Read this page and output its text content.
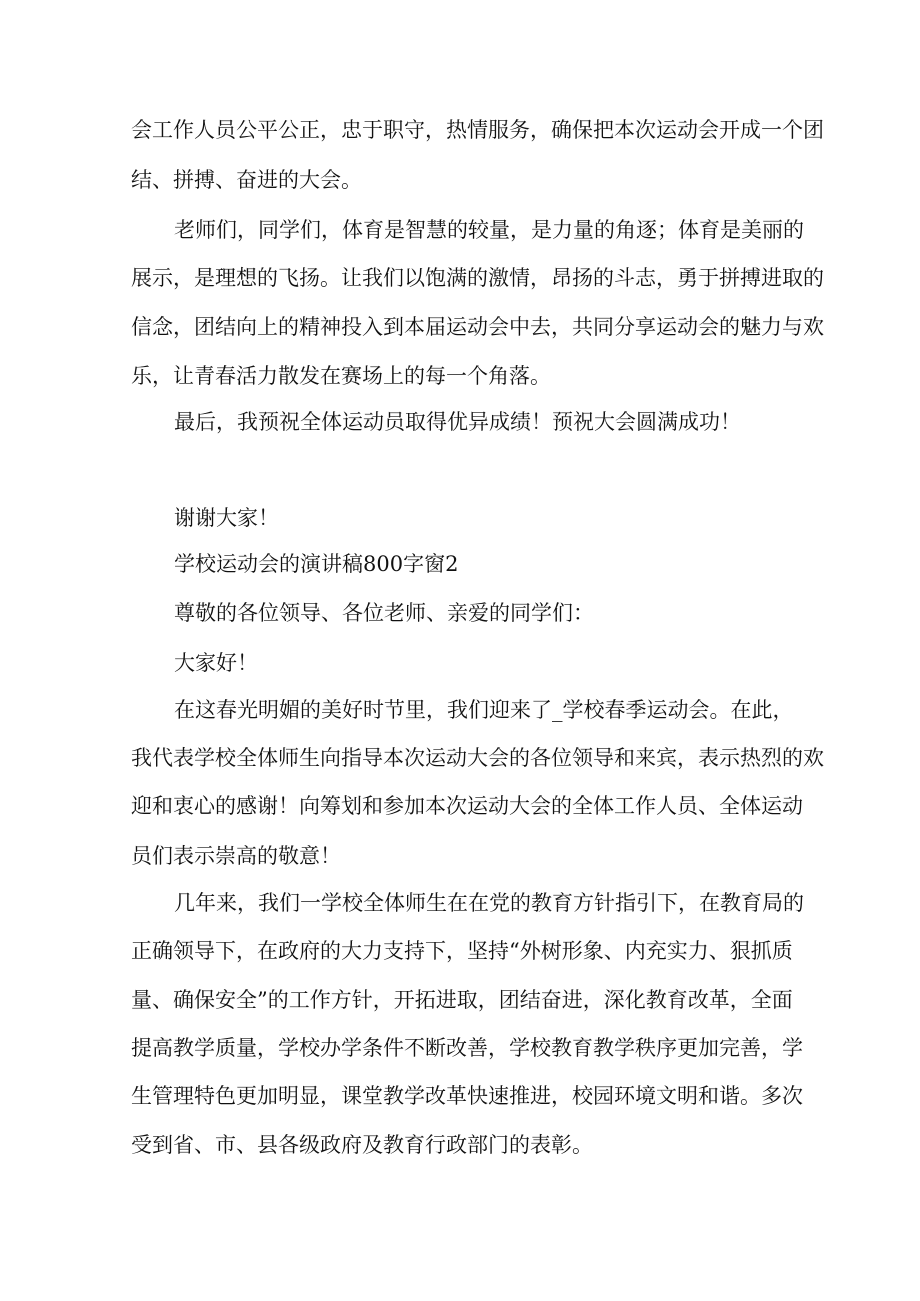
会工作人员公平公正，忠于职守，热情服务，确保把本次运动会开成一个团
结、拼搏、奋进的大会。
老师们，同学们，体育是智慧的较量，是力量的角逐；体育是美丽的
展示，是理想的飞扬。让我们以饱满的激情，昂扬的斗志，勇于拼搏进取的
信念，团结向上的精神投入到本届运动会中去，共同分享运动会的魅力与欢
乐，让青春活力散发在赛场上的每一个角落。
最后，我预祝全体运动员取得优异成绩！预祝大会圆满成功！
谢谢大家！
学校运动会的演讲稿800字窗2
尊敬的各位领导、各位老师、亲爱的同学们：
大家好！
在这春光明媚的美好时节里，我们迎来了_学校春季运动会。在此，
我代表学校全体师生向指导本次运动大会的各位领导和来宾，表示热烈的欢
迎和衷心的感谢！向筹划和参加本次运动大会的全体工作人员、全体运动
员们表示崇高的敬意！
几年来，我们一学校全体师生在在党的教育方针指引下，在教育局的
正确领导下，在政府的大力支持下，坚持“外树形象、内充实力、狠抓质
量、确保安全”的工作方针，开拓进取，团结奋进，深化教育改革，全面
提高教学质量，学校办学条件不断改善，学校教育教学秩序更加完善，学
生管理特色更加明显，课堂教学改革快速推进，校园环境文明和谐。多次
受到省、市、县各级政府及教育行政部门的表彰。
